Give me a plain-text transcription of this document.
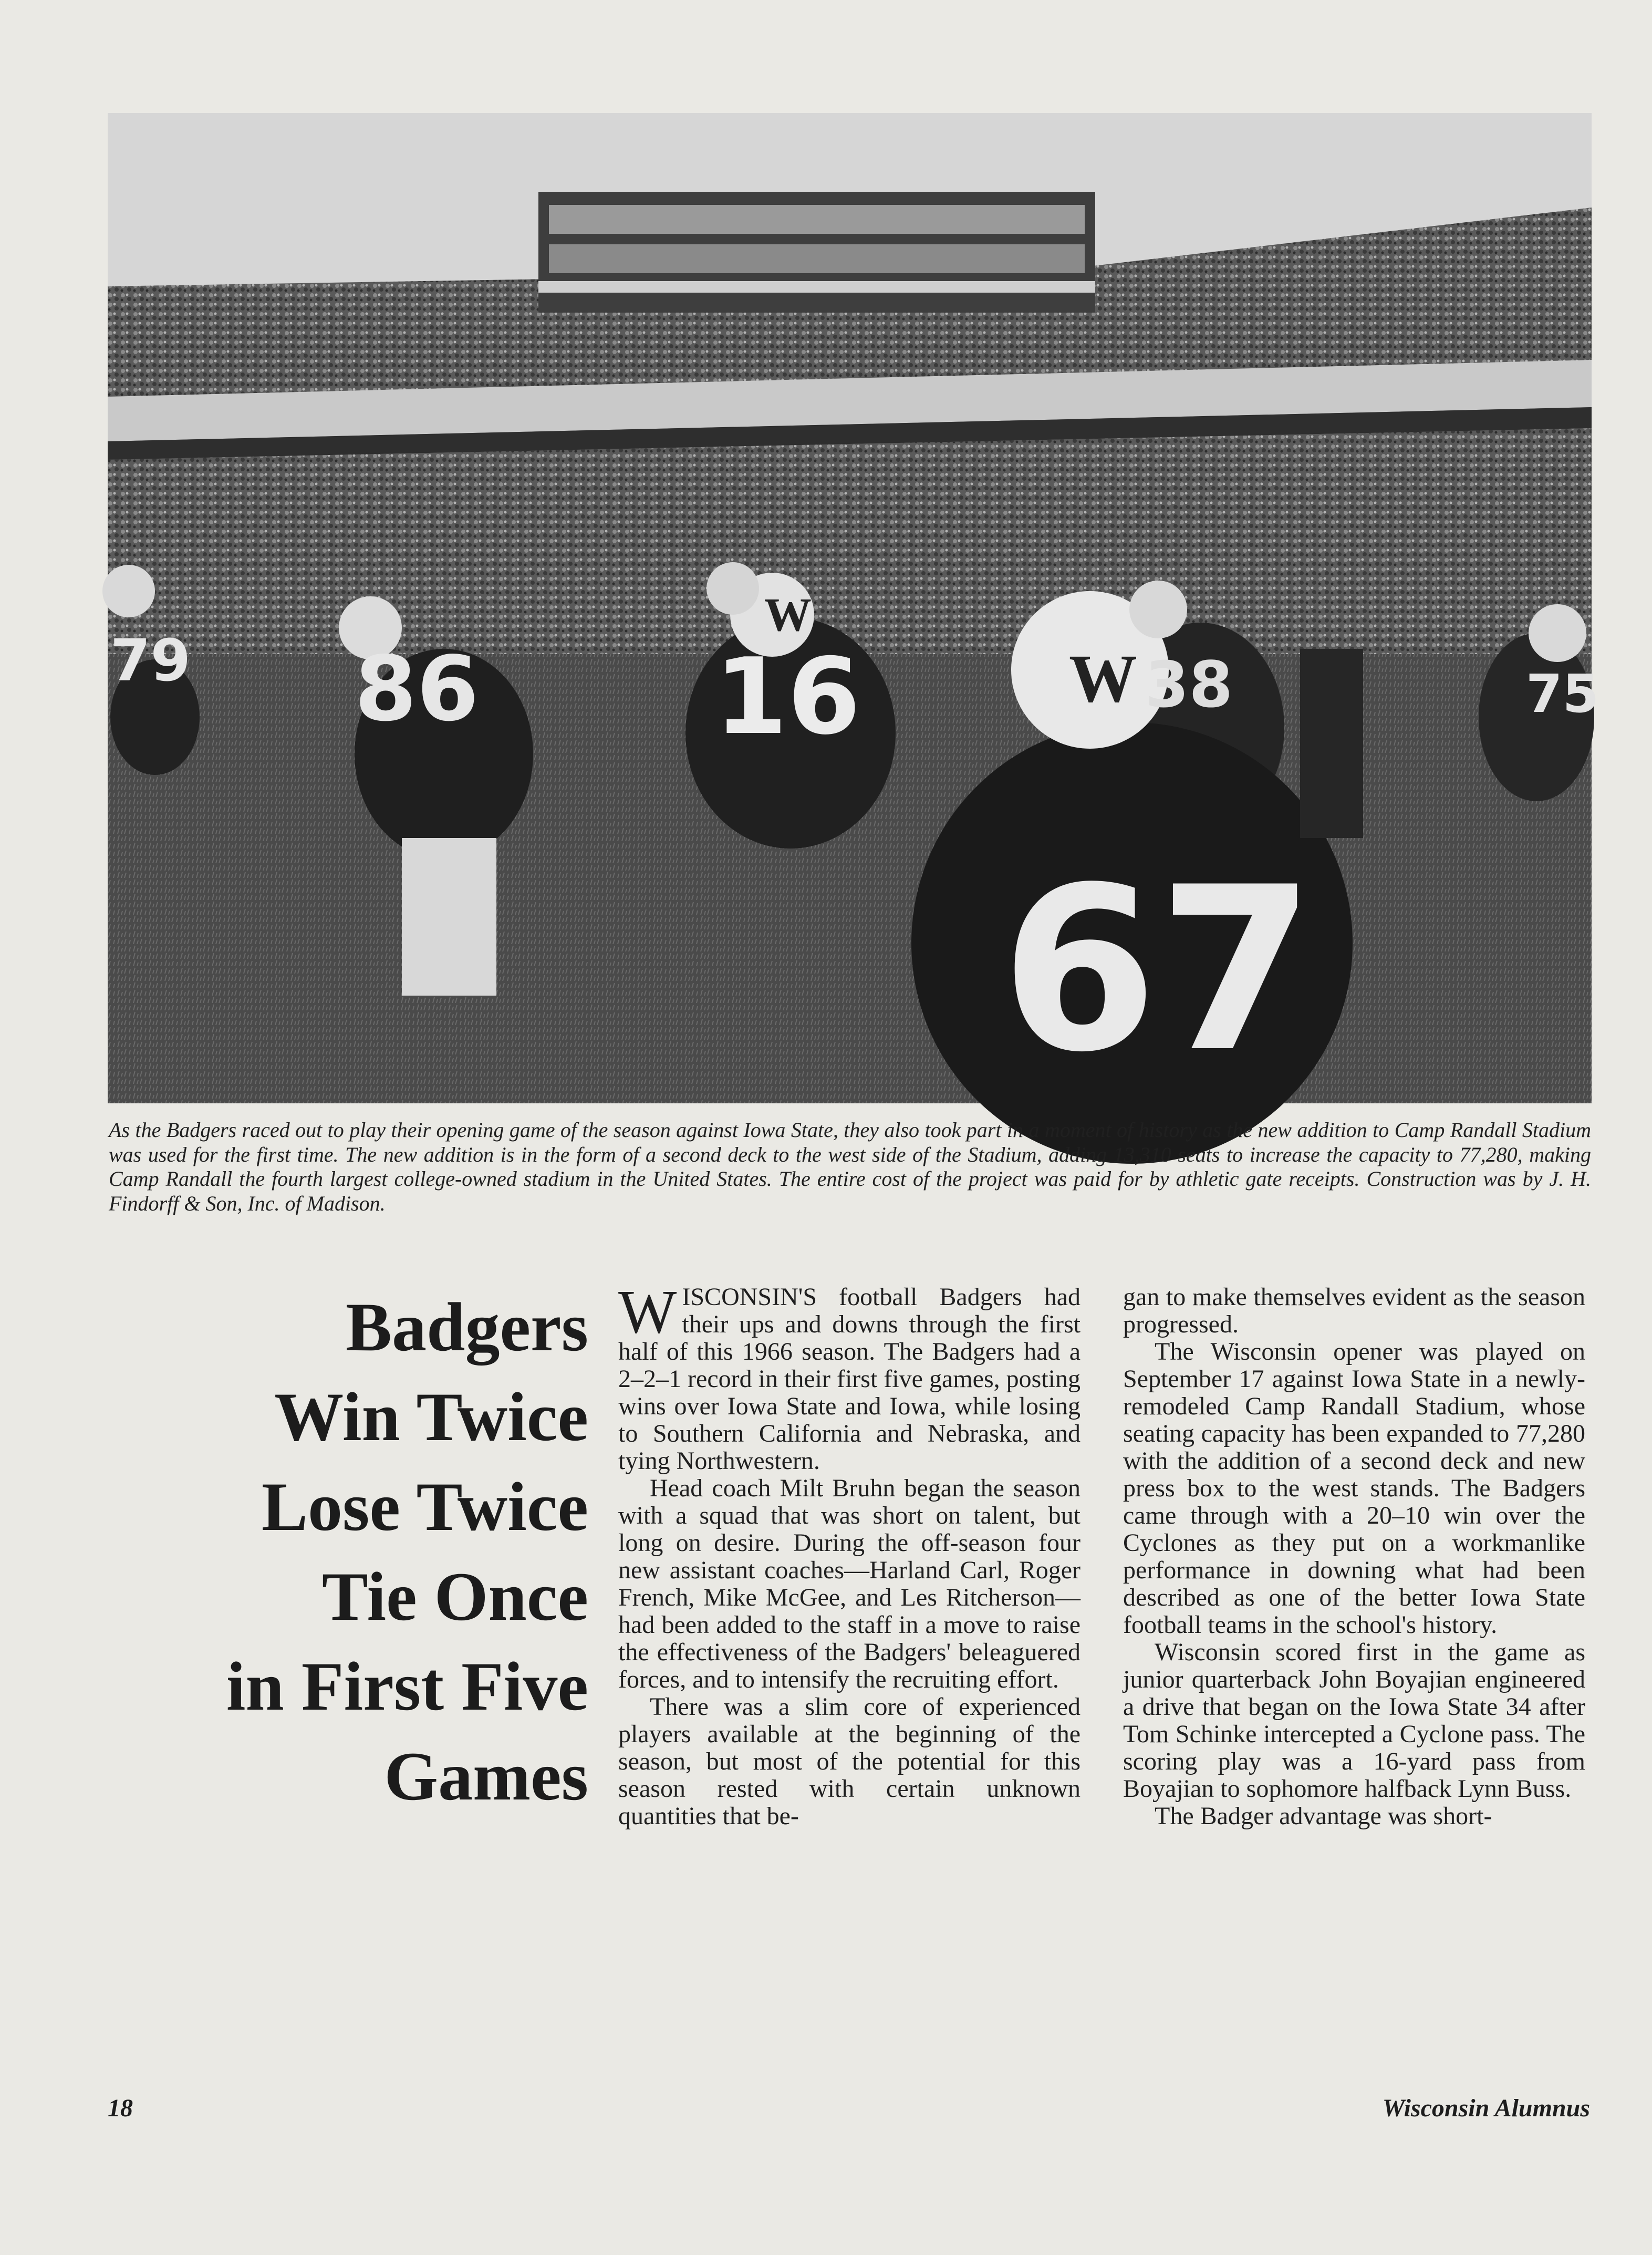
W
W
79 86 16	38
67
75
As the Badgers raced out to play their opening game of the season against Iowa State, they also took part in a moment of history as the new addition to Camp Randall Stadium was used for the first time. The new addition is in the form of a second deck to the west side of the Stadium, adding 13,310 seats to increase the capacity to 77,280, making Camp Randall the fourth largest college-owned stadium in the United States. The entire cost of the project was paid for by athletic gate receipts. Construction was by J. H. Findorff & Son, Inc. of Madison.
Badgers
Win Twice
Lose Twice
Tie Once
in First Five
Games

WISCONSIN'S football Badgers had their ups and downs through the first half of this 1966 season. The Badgers had a 2–2–1 record in their first five games, posting wins over Iowa State and Iowa, while losing to Southern California and Nebraska, and tying Northwestern.

Head coach Milt Bruhn began the season with a squad that was short on talent, but long on desire. During the off-season four new assistant coaches—Harland Carl, Roger French, Mike McGee, and Les Ritcherson—had been added to the staff in a move to raise the effectiveness of the Badgers' beleaguered forces, and to intensify the recruiting effort.

There was a slim core of experienced players available at the beginning of the season, but most of the potential for this season rested with certain unknown quantities that be-

gan to make themselves evident as the season progressed.

The Wisconsin opener was played on September 17 against Iowa State in a newly-remodeled Camp Randall Stadium, whose seating capacity has been expanded to 77,280 with the addition of a second deck and new press box to the west stands. The Badgers came through with a 20–10 win over the Cyclones as they put on a workmanlike performance in downing what had been described as one of the better Iowa State football teams in the school's history.

Wisconsin scored first in the game as junior quarterback John Boyajian engineered a drive that began on the Iowa State 34 after Tom Schinke intercepted a Cyclone pass. The scoring play was a 16-yard pass from Boyajian to sophomore halfback Lynn Buss.

The Badger advantage was short-

18	Wisconsin Alumnus
